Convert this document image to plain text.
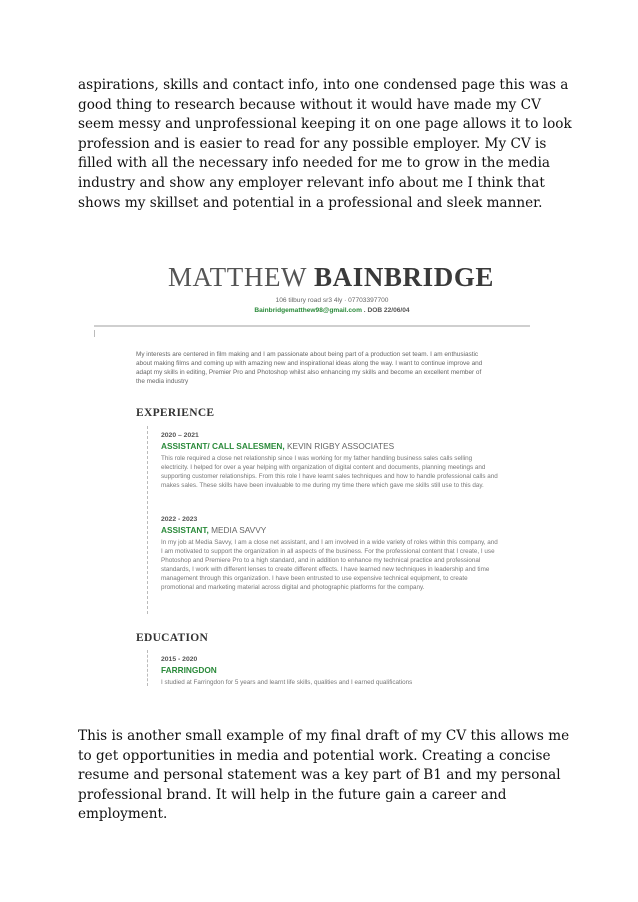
aspirations, skills and contact info, into one condensed page this was a good thing to research because without it would have made my CV seem messy and unprofessional keeping it on one page allows it to look profession and is easier to read for any possible employer. My CV is filled with all the necessary info needed for me to grow in the media industry and show any employer relevant info about me I think that shows my skillset and potential in a professional and sleek manner.

MATTHEW BAINBRIDGE
106 tilbury road sr3 4ly · 07703397700
Bainbridgematthew98@gmail.com . DOB 22/06/04
My interests are centered in film making and I am passionate about being part of a production set team. I am enthusiastic about making films and coming up with amazing new and inspirational ideas along the way. I want to continue improve and adapt my skills in editing, Premier Pro and Photoshop whilst also enhancing my skills and become an excellent member of the media industry
EXPERIENCE
2020 – 2021
ASSISTANT/ CALL SALESMEN, KEVIN RIGBY ASSOCIATES
This role required a close net relationship since I was working for my father handling business sales calls selling electricity. I helped for over a year helping with organization of digital content and documents, planning meetings and supporting customer relationships. From this role I have learnt sales techniques and how to handle professional calls and makes sales. These skills have been invaluable to me during my time there which gave me skills still use to this day.
2022 - 2023
ASSISTANT, MEDIA SAVVY
In my job at Media Savvy, I am a close net assistant, and I am involved in a wide variety of roles within this company, and I am motivated to support the organization in all aspects of the business. For the professional content that I create, I use Photoshop and Premiere Pro to a high standard, and in addition to enhance my technical practice and professional standards, I work with different lenses to create different effects. I have learned new techniques in leadership and time management through this organization. I have been entrusted to use expensive technical equipment, to create promotional and marketing material across digital and photographic platforms for the company.
EDUCATION
2015 - 2020
FARRINGDON
I studied at Farringdon for 5 years and learnt life skills, qualities and I earned qualifications

This is another small example of my final draft of my CV this allows me to get opportunities in media and potential work. Creating a concise resume and personal statement was a key part of B1 and my personal professional brand. It will help in the future gain a career and employment.
